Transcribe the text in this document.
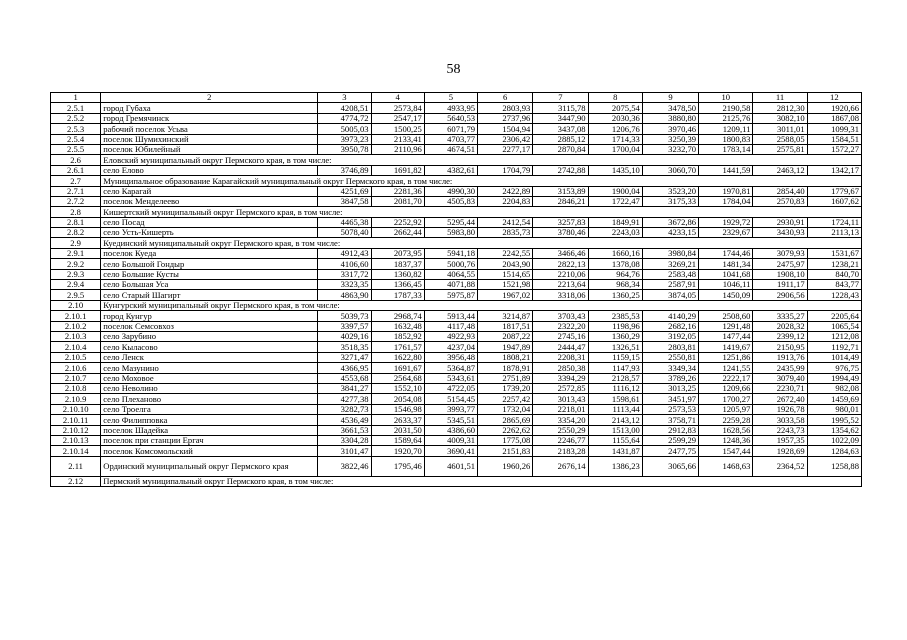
58
1	2	3	4	5	6	7	8	9	10	11	12
2.5.1	город Губаха	4208,51	2573,84	4933,95	2803,93	3115,78	2075,54	3478,50	2190,58	2812,30	1920,66
2.5.2	город Гремячинск	4774,72	2547,17	5640,53	2737,96	3447,90	2030,36	3880,80	2125,76	3082,10	1867,08
2.5.3	рабочий поселок Усьва	5005,03	1500,25	6071,79	1504,94	3437,08	1206,76	3970,46	1209,11	3011,01	1099,31
2.5.4	поселок Шумихинский	3973,23	2133,41	4703,77	2306,42	2885,12	1714,33	3250,39	1800,83	2588,05	1584,51
2.5.5	поселок Юбилейный	3950,78	2110,96	4674,51	2277,17	2870,84	1700,04	3232,70	1783,14	2575,81	1572,27
2.6	Еловский муниципальный округ Пермского края, в том числе:										
2.6.1	село Елово	3746,89	1691,82	4382,61	1704,79	2742,88	1435,10	3060,70	1441,59	2463,12	1342,17
2.7	Муниципальное образование Карагайский муниципальный округ Пермского края, в том числе:										
2.7.1	село Карагай	4251,69	2281,36	4990,30	2422,89	3153,89	1900,04	3523,20	1970,81	2854,40	1779,67
2.7.2	поселок Менделеево	3847,58	2081,70	4505,83	2204,83	2846,21	1722,47	3175,33	1784,04	2570,83	1607,62
2.8	Кишертский муниципальный округ Пермского края, в том числе:										
2.8.1	село Посад	4465,38	2252,92	5295,44	2412,54	3257,83	1849,91	3672,86	1929,72	2930,91	1724,11
2.8.2	село Усть-Кишерть	5078,40	2662,44	5983,80	2835,73	3780,46	2243,03	4233,15	2329,67	3430,93	2113,13
2.9	Куединский муниципальный округ Пермского края, в том числе:										
2.9.1	поселок Куеда	4912,43	2073,95	5941,18	2242,55	3466,46	1660,16	3980,84	1744,46	3079,93	1531,67
2.9.2	село Большой Гондыр	4106,60	1837,37	5000,76	2043,90	2822,13	1378,08	3269,21	1481,34	2475,97	1238,21
2.9.3	село Большие Кусты	3317,72	1360,82	4064,55	1514,65	2210,06	964,76	2583,48	1041,68	1908,10	840,70
2.9.4	село Большая Уса	3323,35	1366,45	4071,88	1521,98	2213,64	968,34	2587,91	1046,11	1911,17	843,77
2.9.5	село Старый Шагирт	4863,90	1787,33	5975,87	1967,02	3318,06	1360,25	3874,05	1450,09	2906,56	1228,43
2.10	Кунгурский муниципальный округ Пермского края, в том числе:										
2.10.1	город Кунгур	5039,73	2968,74	5913,44	3214,87	3703,43	2385,53	4140,29	2508,60	3335,27	2205,64
2.10.2	поселок Семсовхоз	3397,57	1632,48	4117,48	1817,51	2322,20	1198,96	2682,16	1291,48	2028,32	1065,54
2.10.3	село Зарубино	4029,16	1852,92	4922,93	2087,22	2745,16	1360,29	3192,05	1477,44	2399,12	1212,08
2.10.4	село Кыласово	3518,35	1761,57	4237,04	1947,89	2444,47	1326,51	2803,81	1419,67	2150,95	1192,71
2.10.5	село Ленск	3271,47	1622,80	3956,48	1808,21	2208,31	1159,15	2550,81	1251,86	1913,76	1014,49
2.10.6	село Мазунино	4366,95	1691,67	5364,87	1878,91	2850,38	1147,93	3349,34	1241,55	2435,99	976,75
2.10.7	село Моховое	4553,68	2564,68	5343,61	2751,89	3394,29	2128,57	3789,26	2222,17	3079,40	1994,49
2.10.8	село Неволино	3841,27	1552,10	4722,05	1739,20	2572,85	1116,12	3013,25	1209,66	2230,71	982,08
2.10.9	село Плеханово	4277,38	2054,08	5154,45	2257,42	3013,43	1598,61	3451,97	1700,27	2672,40	1459,69
2.10.10	село Троелга	3282,73	1546,98	3993,77	1732,04	2218,01	1113,44	2573,53	1205,97	1926,78	980,01
2.10.11	село Филипповка	4536,49	2633,37	5345,51	2865,69	3354,20	2143,12	3758,71	2259,28	3033,58	1995,52
2.10.12	поселок Шадейка	3661,53	2031,50	4386,60	2262,62	2550,29	1513,00	2912,83	1628,56	2243,73	1354,62
2.10.13	поселок при станции Ергач	3304,28	1589,64	4009,31	1775,08	2246,77	1155,64	2599,29	1248,36	1957,35	1022,09
2.10.14	поселок Комсомольский	3101,47	1920,70	3690,41	2151,83	2183,28	1431,87	2477,75	1547,44	1928,69	1284,63
2.11	Ординский муниципальный округ Пермского края	3822,46	1795,46	4601,51	1960,26	2676,14	1386,23	3065,66	1468,63	2364,52	1258,88
2.12	Пермский муниципальный округ Пермского края, в том числе:										
